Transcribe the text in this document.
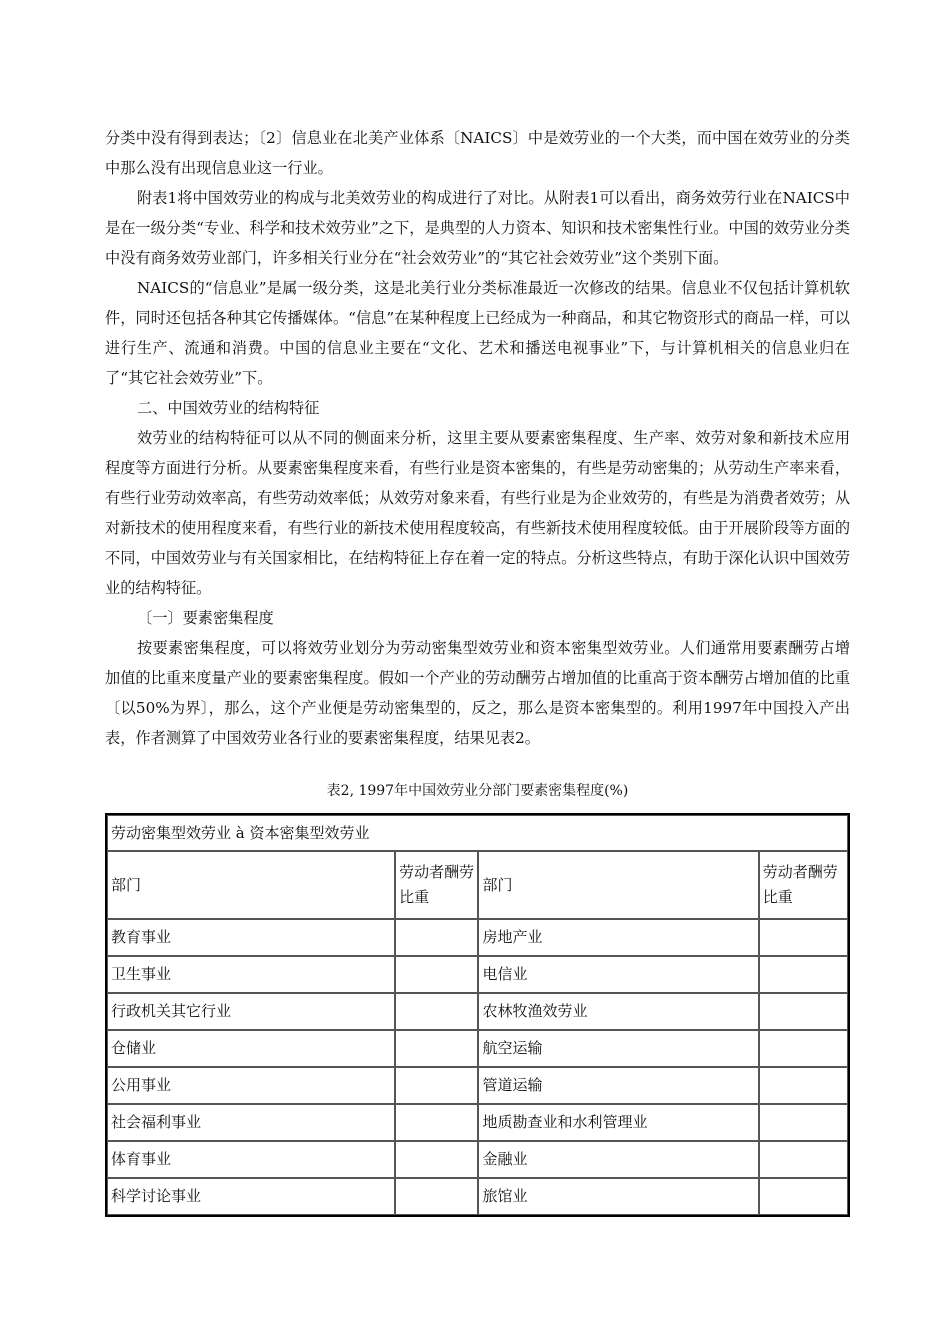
分类中没有得到表达；〔2〕信息业在北美产业体系〔NAICS〕中是效劳业的一个大类，而中国在效劳业的分类中那么没有出现信息业这一行业。

附表1将中国效劳业的构成与北美效劳业的构成进行了对比。从附表1可以看出，商务效劳行业在NAICS中是在一级分类“专业、科学和技术效劳业”之下，是典型的人力资本、知识和技术密集性行业。中国的效劳业分类中没有商务效劳业部门，许多相关行业分在“社会效劳业”的“其它社会效劳业”这个类别下面。

NAICS的“信息业”是属一级分类，这是北美行业分类标准最近一次修改的结果。信息业不仅包括计算机软件，同时还包括各种其它传播媒体。“信息”在某种程度上已经成为一种商品，和其它物资形式的商品一样，可以进行生产、流通和消费。中国的信息业主要在“文化、艺术和播送电视事业”下，与计算机相关的信息业归在了“其它社会效劳业”下。

二、中国效劳业的结构特征

效劳业的结构特征可以从不同的侧面来分析，这里主要从要素密集程度、生产率、效劳对象和新技术应用程度等方面进行分析。从要素密集程度来看，有些行业是资本密集的，有些是劳动密集的；从劳动生产率来看，有些行业劳动效率高，有些劳动效率低；从效劳对象来看，有些行业是为企业效劳的，有些是为消费者效劳；从对新技术的使用程度来看，有些行业的新技术使用程度较高，有些新技术使用程度较低。由于开展阶段等方面的不同，中国效劳业与有关国家相比，在结构特征上存在着一定的特点。分析这些特点，有助于深化认识中国效劳业的结构特征。

〔一〕要素密集程度

按要素密集程度，可以将效劳业划分为劳动密集型效劳业和资本密集型效劳业。人们通常用要素酬劳占增加值的比重来度量产业的要素密集程度。假如一个产业的劳动酬劳占增加值的比重高于资本酬劳占增加值的比重〔以50%为界〕，那么，这个产业便是劳动密集型的，反之，那么是资本密集型的。利用1997年中国投入产出表，作者测算了中国效劳业各行业的要素密集程度，结果见表2。

表2, 1997年中国效劳业分部门要素密集程度(%)
劳动密集型效劳业 à 资本密集型效劳业			
部门	劳动者酬劳比重	部门	劳动者酬劳比重
教育事业		房地产业	
卫生事业		电信业	
行政机关其它行业		农林牧渔效劳业	
仓储业		航空运输	
公用事业		管道运输	
社会福利事业		地质勘查业和水利管理业	
体育事业		金融业	
科学讨论事业		旅馆业	
